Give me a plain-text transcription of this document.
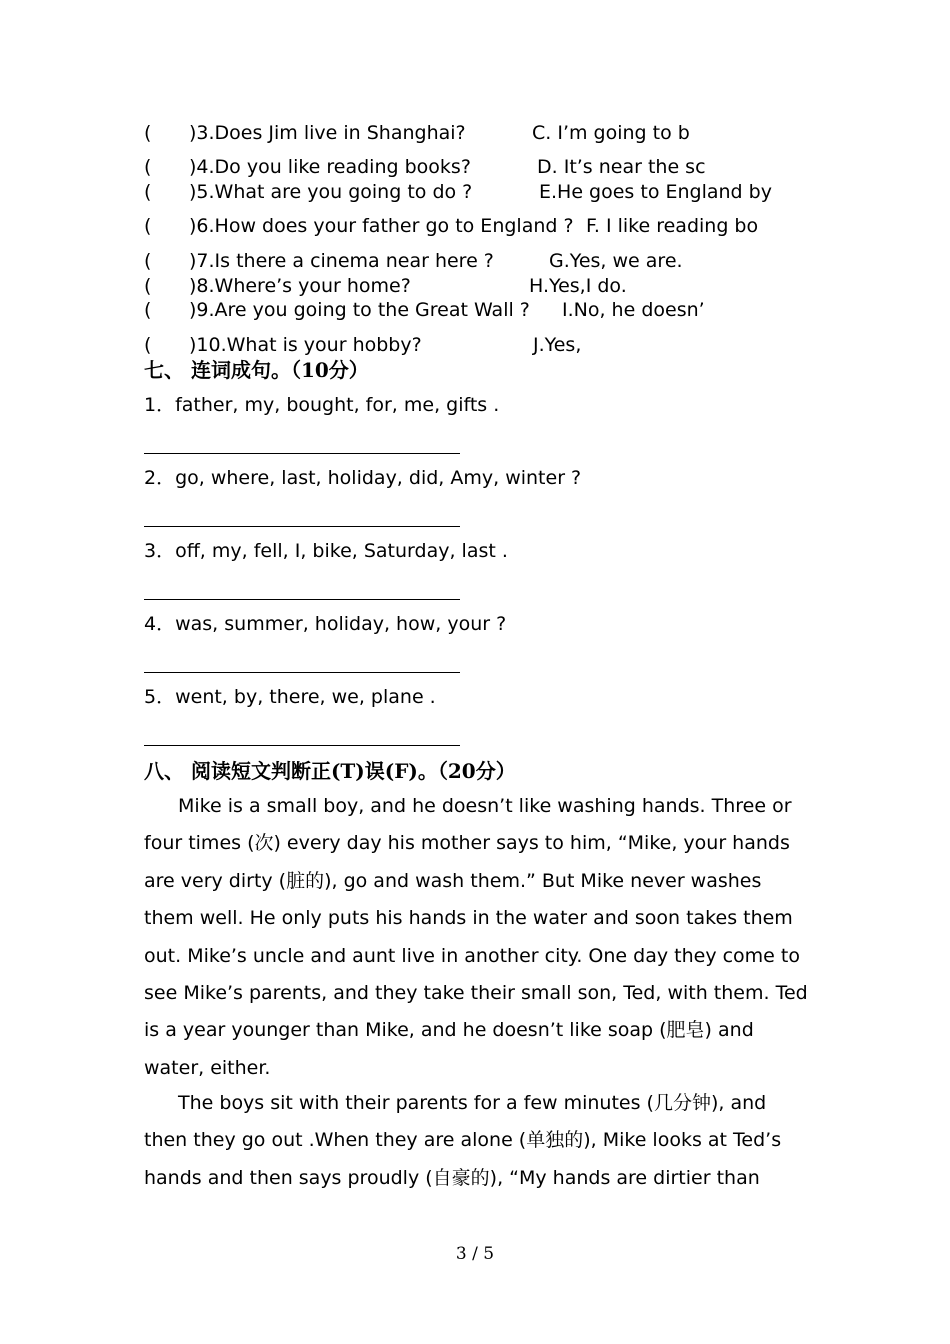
( )3.Does Jim live in Shanghai?	C. I’m going to b
( )4.Do you like reading books?	D. It’s near the sc
( )5.What are you going to do ?	E.He goes to England by
( )6.How does your father go to England ? F. I like reading bo
( )7.Is there a cinema near here ?	G.Yes, we are.
( )8.Where’s your home?	H.Yes,I do.
( )9.Are you going to the Great Wall ? I.No, he doesn’
( )10.What is your hobby?	J.Yes,
七、 连词成句。（10分）
1．father, my, bought, for, me, gifts .
2．go, where, last, holiday, did, Amy, winter ?
3．off, my, fell, I, bike, Saturday, last .
4．was, summer, holiday, how, your ?
5．went, by, there, we, plane .
八、 阅读短文判断正(T)误(F)。（20分）

Mike is a small boy, and he doesn’t like washing hands. Three or four times (次) every day his mother says to him, “Mike, your hands are very dirty (脏的), go and wash them.” But Mike never washes them well. He only puts his hands in the water and soon takes them out. Mike’s uncle and aunt live in another city. One day they come to see Mike’s parents, and they take their small son, Ted, with them. Ted is a year younger than Mike, and he doesn’t like soap (肥皂) and water, either.

The boys sit with their parents for a few minutes (几分钟), and then they go out .When they are alone (单独的), Mike looks at Ted’s hands and then says proudly (自豪的), “My hands are dirtier than

3 / 5
